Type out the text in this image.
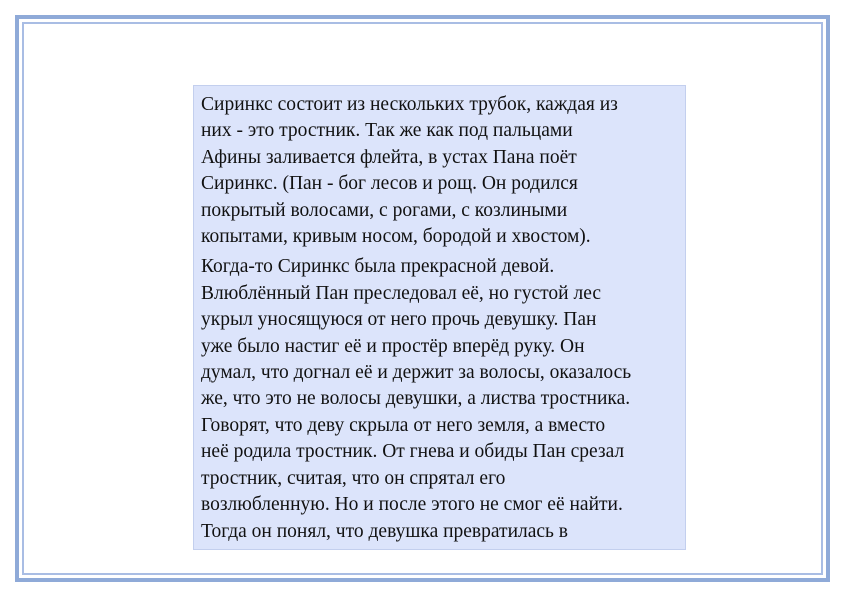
Сиринкс состоит из нескольких трубок, каждая из
них - это тростник. Так же как под пальцами
Афины заливается флейта, в устах Пана поёт
Сиринкс. (Пан - бог лесов и рощ. Он родился
покрытый волосами, с рогами, с козлиными
копытами, кривым носом, бородой и хвостом).

Когда-то Сиринкс была прекрасной девой.
Влюблённый Пан преследовал её, но густой лес
укрыл уносящуюся от него прочь девушку. Пан
уже было настиг её и простёр вперёд руку. Он
думал, что догнал её и держит за волосы, оказалось
же, что это не волосы девушки, а листва тростника.
Говорят, что деву скрыла от него земля, а вместо
неё родила тростник. От гнева и обиды Пан срезал
тростник, считая, что он спрятал его
возлюбленную. Но и после этого не смог её найти.
Тогда он понял, что девушка превратилась в
